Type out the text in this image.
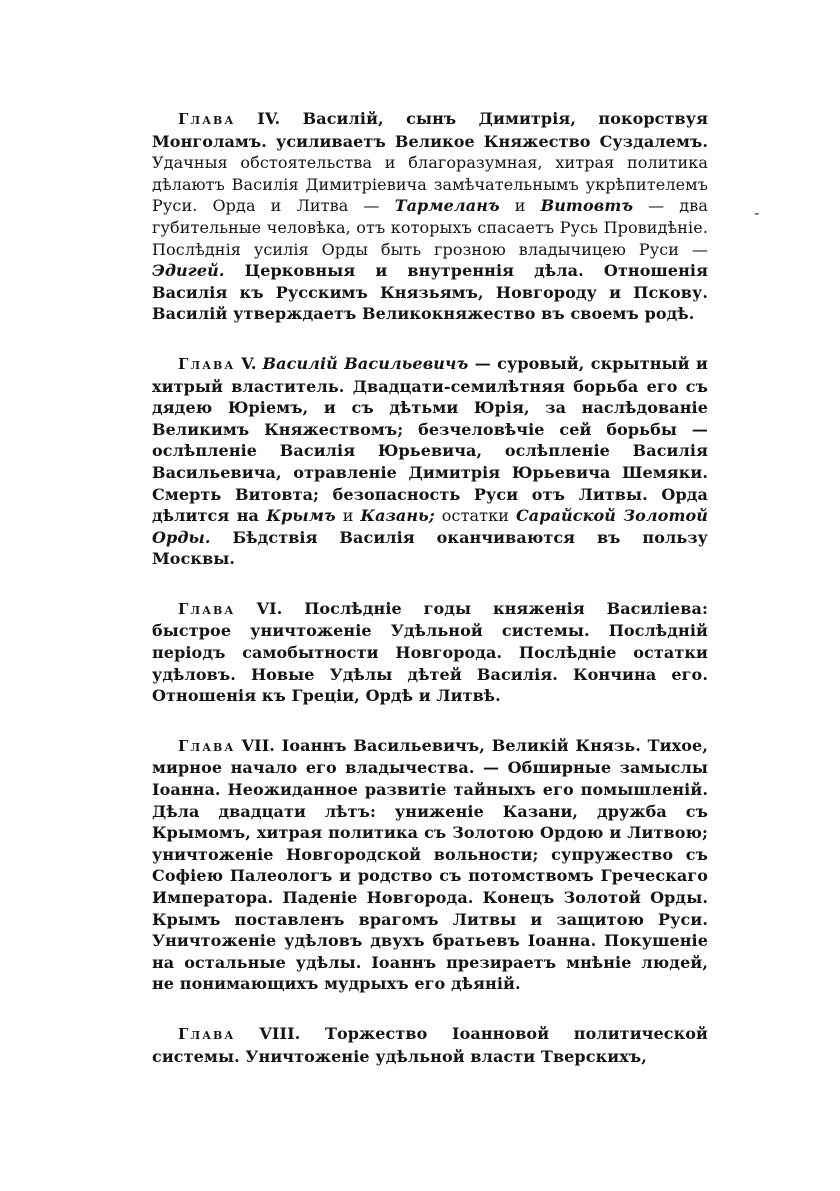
-

Глава IV. Василій, сынъ Димитрія, покорствуя Монголамъ. усиливаетъ Великое Княжество Суздалемъ. Удачныя обстоятельства и благоразумная, хитрая политика дѣлаютъ Василія Димитріевича замѣчательнымъ укрѣпителемъ Руси. Орда и Литва — Тармеланъ и Витовтъ — два губительные человѣка, отъ которыхъ спасаетъ Русь Провидѣніе. Послѣднія усилія Орды быть грозною владычицею Руси — Эдигей. Церковныя и внутреннія дѣла. Отношенія Василія къ Русскимъ Князьямъ, Новгороду и Пскову. Василій утверждаетъ Великокняжество въ своемъ родѣ.

Глава V. Василій Васильевичъ — суровый, скрытный и хитрый властитель. Двадцати-семилѣтняя борьба его съ дядею Юріемъ, и съ дѣтьми Юрія, за наслѣдованіе Великимъ Княжествомъ; безчеловѣчіе сей борьбы — ослѣпленіе Василія Юрьевича, ослѣпленіе Василія Васильевича, отравленіе Димитрія Юрьевича Шемяки. Смерть Витовта; безопасность Руси отъ Литвы. Орда дѣлится на Крымъ и Казань; остатки Сарайской Золотой Орды. Бѣдствія Василія оканчиваются въ пользу Москвы.

Глава VI. Послѣдніе годы княженія Василіева: быстрое уничтоженіе Удѣльной системы. Послѣдній періодъ самобытности Новгорода. Послѣдніе остатки удѣловъ. Новые Удѣлы дѣтей Василія. Кончина его. Отношенія къ Греціи, Ордѣ и Литвѣ.

Глава VII. Іоаннъ Васильевичъ, Великій Князь. Тихое, мирное начало его владычества. — Обширные замыслы Іоанна. Неожиданное развитіе тайныхъ его помышленій. Дѣла двадцати лѣтъ: униженіе Казани, дружба съ Крымомъ, хитрая политика съ Золотою Ордою и Литвою; уничтоженіе Новгородской вольности; супружество съ Софіею Палеологъ и родство съ потомствомъ Греческаго Императора. Паденіе Новгорода. Конецъ Золотой Орды. Крымъ поставленъ врагомъ Литвы и защитою Руси. Уничтоженіе удѣловъ двухъ братьевъ Іоанна. Покушеніе на остальные удѣлы. Іоаннъ презираетъ мнѣніе людей, не понимающихъ мудрыхъ его дѣяній.

Глава VIII. Торжество Іоанновой политической системы. Уничтоженіе удѣльной власти Тверскихъ,
